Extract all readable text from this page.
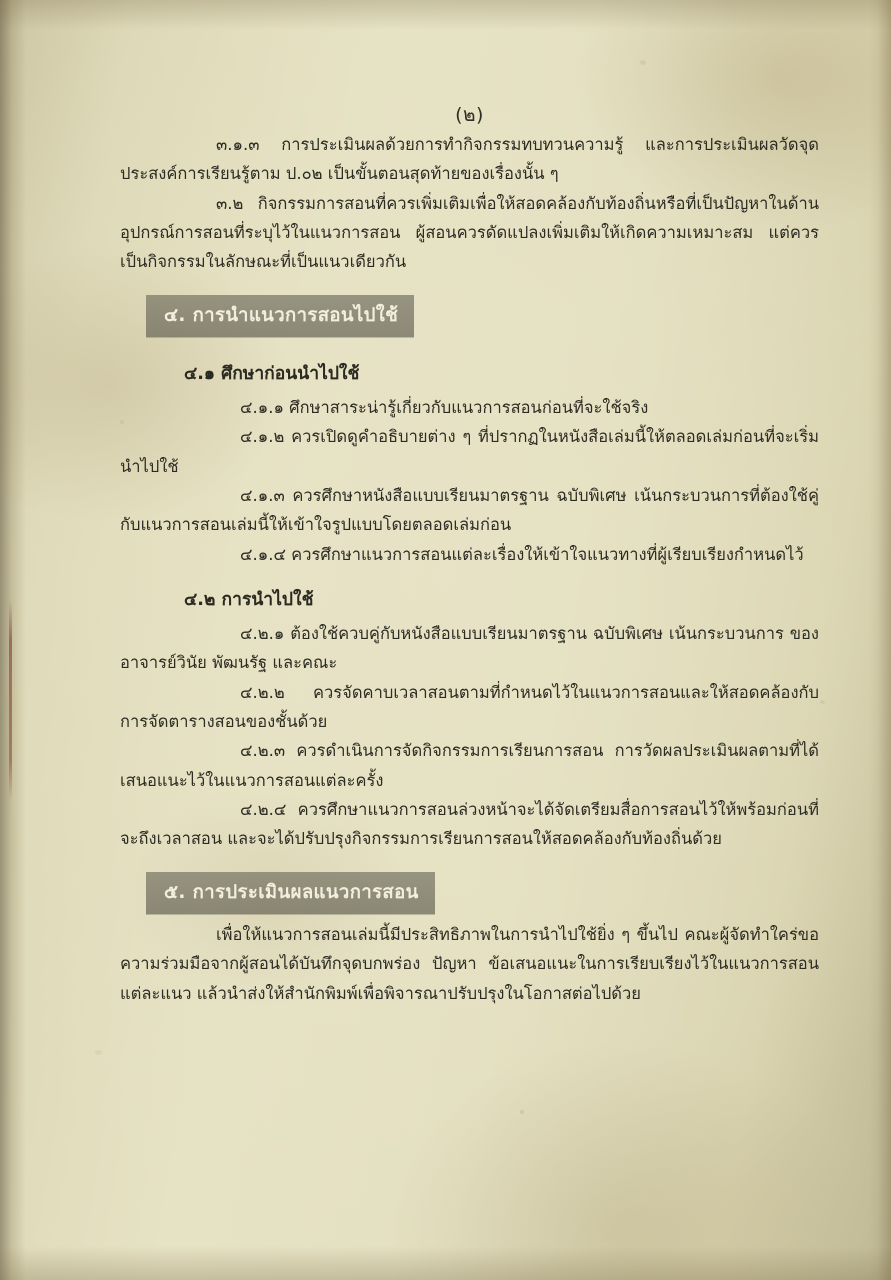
(๒)

๓.๑.๓ การประเมินผลด้วยการทำกิจกรรมทบทวนความรู้ และการประเมินผลวัดจุดประสงค์การเรียนรู้ตาม ป.๐๒ เป็นขั้นตอนสุดท้ายของเรื่องนั้น ๆ

๓.๒ กิจกรรมการสอนที่ควรเพิ่มเติมเพื่อให้สอดคล้องกับท้องถิ่นหรือที่เป็นปัญหาในด้านอุปกรณ์การสอนที่ระบุไว้ในแนวการสอน ผู้สอนควรดัดแปลงเพิ่มเติมให้เกิดความเหมาะสม แต่ควรเป็นกิจกรรมในลักษณะที่เป็นแนวเดียวกัน

๔. การนำแนวการสอนไปใช้
๔.๑ ศึกษาก่อนนำไปใช้

๔.๑.๑ ศึกษาสาระน่ารู้เกี่ยวกับแนวการสอนก่อนที่จะใช้จริง

๔.๑.๒ ควรเปิดดูคำอธิบายต่าง ๆ ที่ปรากฏในหนังสือเล่มนี้ให้ตลอดเล่มก่อนที่จะเริ่มนำไปใช้

๔.๑.๓ ควรศึกษาหนังสือแบบเรียนมาตรฐาน ฉบับพิเศษ เน้นกระบวนการที่ต้องใช้คู่กับแนวการสอนเล่มนี้ให้เข้าใจรูปแบบโดยตลอดเล่มก่อน

๔.๑.๔ ควรศึกษาแนวการสอนแต่ละเรื่องให้เข้าใจแนวทางที่ผู้เรียบเรียงกำหนดไว้

๔.๒ การนำไปใช้

๔.๒.๑ ต้องใช้ควบคู่กับหนังสือแบบเรียนมาตรฐาน ฉบับพิเศษ เน้นกระบวนการ ของอาจารย์วินัย พัฒนรัฐ และคณะ

๔.๒.๒ ควรจัดคาบเวลาสอนตามที่กำหนดไว้ในแนวการสอนและให้สอดคล้องกับการจัดตารางสอนของชั้นด้วย

๔.๒.๓ ควรดำเนินการจัดกิจกรรมการเรียนการสอน การวัดผลประเมินผลตามที่ได้เสนอแนะไว้ในแนวการสอนแต่ละครั้ง

๔.๒.๔ ควรศึกษาแนวการสอนล่วงหน้าจะได้จัดเตรียมสื่อการสอนไว้ให้พร้อมก่อนที่จะถึงเวลาสอน และจะได้ปรับปรุงกิจกรรมการเรียนการสอนให้สอดคล้องกับท้องถิ่นด้วย

๕. การประเมินผลแนวการสอน

เพื่อให้แนวการสอนเล่มนี้มีประสิทธิภาพในการนำไปใช้ยิ่ง ๆ ขึ้นไป คณะผู้จัดทำใคร่ขอความร่วมมือจากผู้สอนได้บันทึกจุดบกพร่อง ปัญหา ข้อเสนอแนะในการเรียบเรียงไว้ในแนวการสอนแต่ละแนว แล้วนำส่งให้สำนักพิมพ์เพื่อพิจารณาปรับปรุงในโอกาสต่อไปด้วย
